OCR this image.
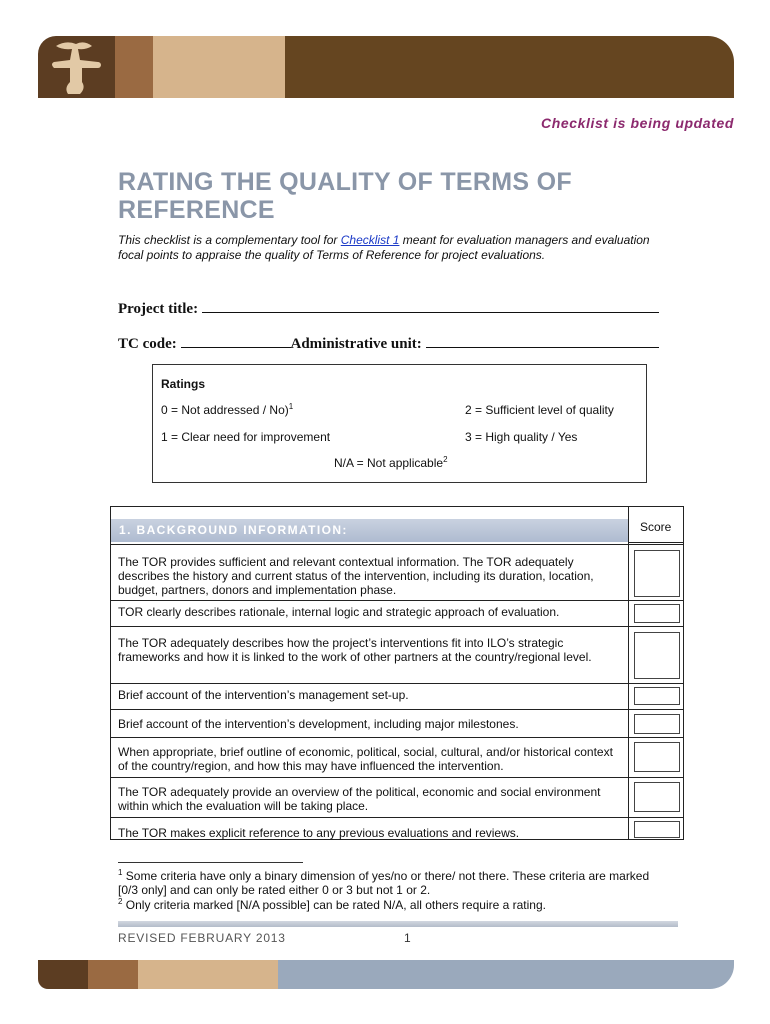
Checklist is being updated
RATING THE QUALITY OF TERMS OF REFERENCE
This checklist is a complementary tool for Checklist 1 meant for evaluation managers and evaluation focal points to appraise the quality of Terms of Reference for project evaluations.
Project title:
TC code:	Administrative unit:
Ratings
0 = Not addressed / No)$^1$	2 = Sufficient level of quality
1 = Clear need for improvement	3 = High quality / Yes
N/A = Not applicable$^2$
Score
1. BACKGROUND INFORMATION:
The TOR provides sufficient and relevant contextual information. The TOR adequately describes the history and current status of the intervention, including its duration, location, budget, partners, donors and implementation phase.
TOR clearly describes rationale, internal logic and strategic approach of evaluation.
The TOR adequately describes how the project’s interventions fit into ILO’s strategic frameworks and how it is linked to the work of other partners at the country/regional level.
Brief account of the intervention’s management set-up.
Brief account of the intervention’s development, including major milestones.
When appropriate, brief outline of economic, political, social, cultural, and/or historical context of the country/region, and how this may have influenced the intervention.
The TOR adequately provide an overview of the political, economic and social environment within which the evaluation will be taking place.
The TOR makes explicit reference to any previous evaluations and reviews.
$^1$ Some criteria have only a binary dimension of yes/no or there/ not there. These criteria are marked [0/3 only] and can only be rated either 0 or 3 but not 1 or 2.
$^2$ Only criteria marked [N/A possible] can be rated N/A, all others require a rating.
REVISED FEBRUARY 2013	1
